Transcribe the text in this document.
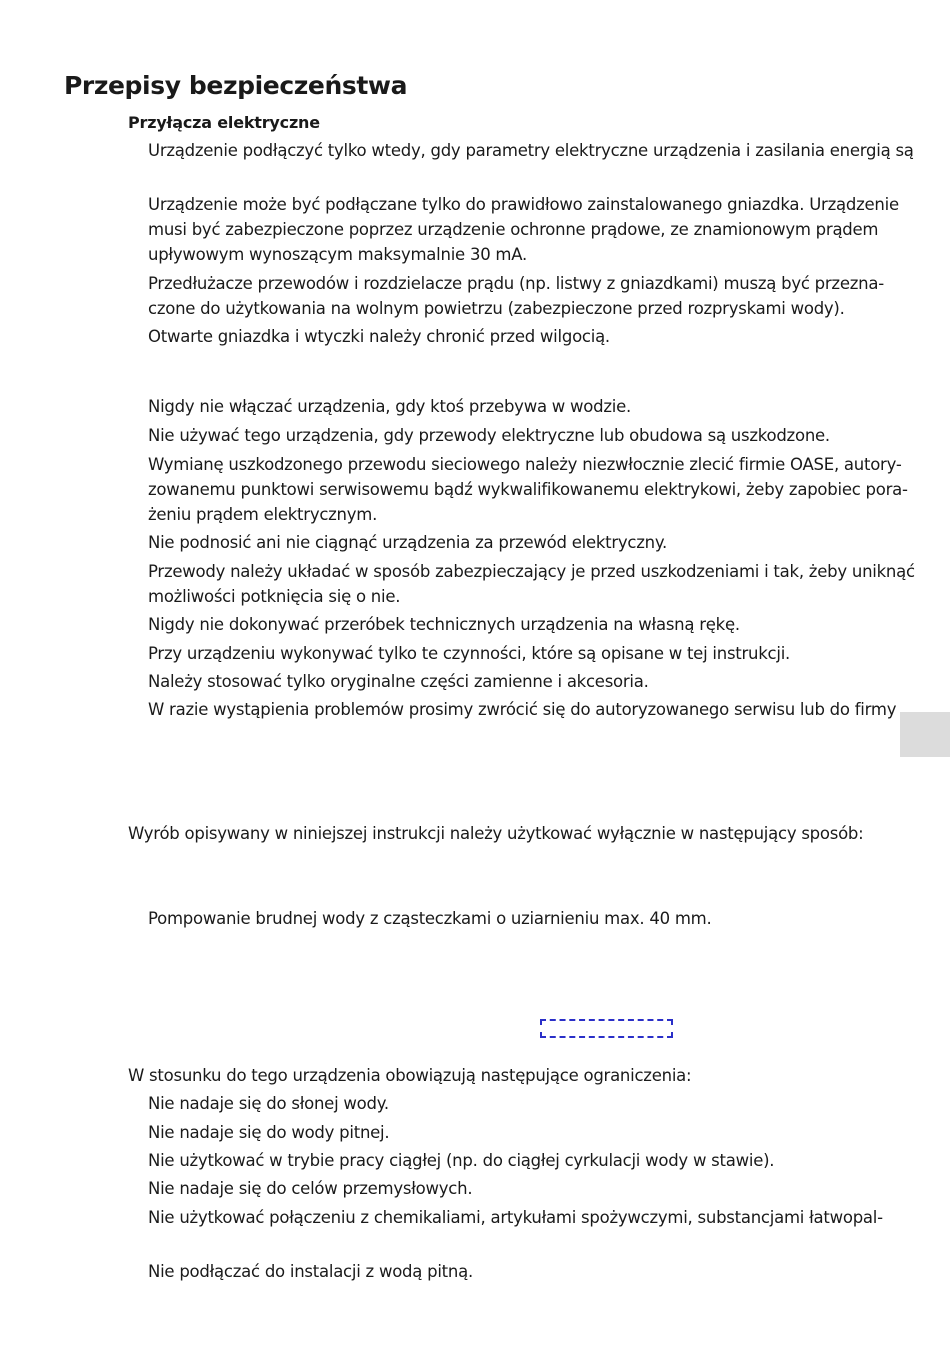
Przepisy bezpieczeństwa
Przyłącza elektryczne

Urządzenie podłączyć tylko wtedy, gdy parametry elektryczne urządzenia i zasilania energią są

Urządzenie może być podłączane tylko do prawidłowo zainstalowanego gniazdka. Urządzenie

musi być zabezpieczone poprzez urządzenie ochronne prądowe, ze znamionowym prądem

upływowym wynoszącym maksymalnie 30 mA.

Przedłużacze przewodów i rozdzielacze prądu (np. listwy z gniazdkami) muszą być przezna-

czone do użytkowania na wolnym powietrzu (zabezpieczone przed rozpryskami wody).

Otwarte gniazdka i wtyczki należy chronić przed wilgocią.

Nigdy nie włączać urządzenia, gdy ktoś przebywa w wodzie.

Nie używać tego urządzenia, gdy przewody elektryczne lub obudowa są uszkodzone.

Wymianę uszkodzonego przewodu sieciowego należy niezwłocznie zlecić firmie OASE, autory-

zowanemu punktowi serwisowemu bądź wykwalifikowanemu elektrykowi, żeby zapobiec pora-

żeniu prądem elektrycznym.

Nie podnosić ani nie ciągnąć urządzenia za przewód elektryczny.

Przewody należy układać w sposób zabezpieczający je przed uszkodzeniami i tak, żeby uniknąć

możliwości potknięcia się o nie.

Nigdy nie dokonywać przeróbek technicznych urządzenia na własną rękę.

Przy urządzeniu wykonywać tylko te czynności, które są opisane w tej instrukcji.

Należy stosować tylko oryginalne części zamienne i akcesoria.

W razie wystąpienia problemów prosimy zwrócić się do autoryzowanego serwisu lub do firmy

Wyrób opisywany w niniejszej instrukcji należy użytkować wyłącznie w następujący sposób:

Pompowanie brudnej wody z cząsteczkami o uziarnieniu max. 40 mm.

W stosunku do tego urządzenia obowiązują następujące ograniczenia:

Nie nadaje się do słonej wody.

Nie nadaje się do wody pitnej.

Nie użytkować w trybie pracy ciągłej (np. do ciągłej cyrkulacji wody w stawie).

Nie nadaje się do celów przemysłowych.

Nie użytkować połączeniu z chemikaliami, artykułami spożywczymi, substancjami łatwopal-

Nie podłączać do instalacji z wodą pitną.
